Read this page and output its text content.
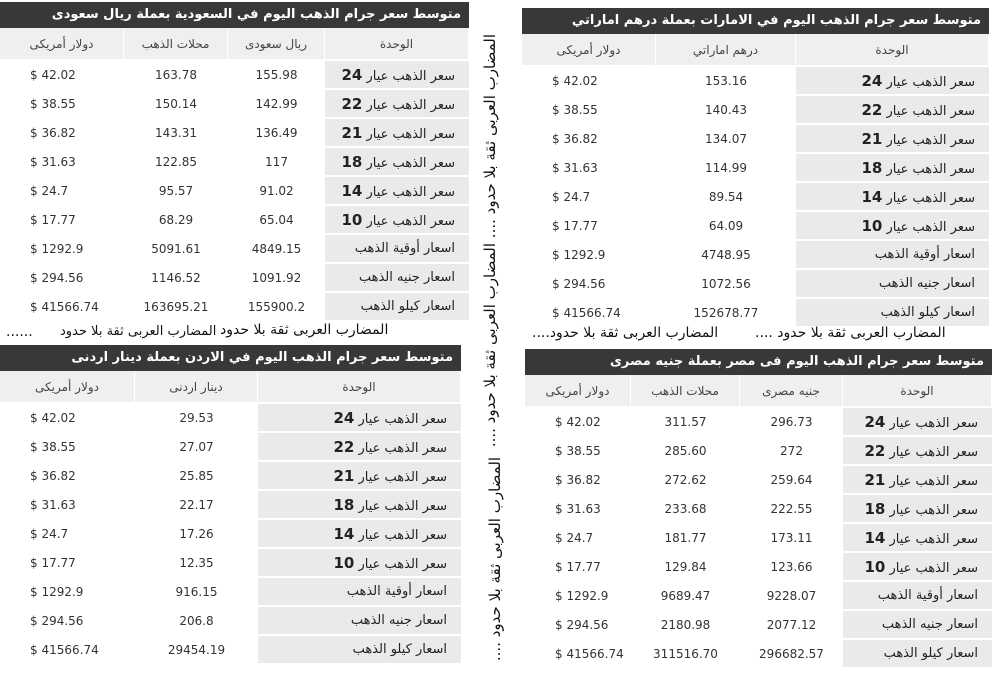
متوسط سعر جرام الذهب اليوم في السعودية بعملة ريال سعودى
دولار أمريكى	محلات الذهب	ريال سعودى	الوحدة
$ 42.02	163.78	155.98	سعر الذهب عيار 24
$ 38.55	150.14	142.99	سعر الذهب عيار 22
$ 36.82	143.31	136.49	سعر الذهب عيار 21
$ 31.63	122.85	117	سعر الذهب عيار 18
$ 24.7	95.57	91.02	سعر الذهب عيار 14
$ 17.77	68.29	65.04	سعر الذهب عيار 10
$ 1292.9	5091.61	4849.15	اسعار أوقية الذهب
$ 294.56	1146.52	1091.92	اسعار جنيه الذهب
$ 41566.74	163695.21	155900.2	اسعار كيلو الذهب
متوسط سعر جرام الذهب اليوم في الامارات بعملة درهم اماراتي
دولار أمريكى	درهم اماراتي	الوحدة
$ 42.02	153.16	سعر الذهب عيار 24
$ 38.55	140.43	سعر الذهب عيار 22
$ 36.82	134.07	سعر الذهب عيار 21
$ 31.63	114.99	سعر الذهب عيار 18
$ 24.7	89.54	سعر الذهب عيار 14
$ 17.77	64.09	سعر الذهب عيار 10
$ 1292.9	4748.95	اسعار أوقية الذهب
$ 294.56	1072.56	اسعار جنيه الذهب
$ 41566.74	152678.77	اسعار كيلو الذهب
متوسط سعر جرام الذهب اليوم في الاردن بعملة دينار اردنى
دولار أمريكى	دينار اردنى	الوحدة
$ 42.02	29.53	سعر الذهب عيار 24
$ 38.55	27.07	سعر الذهب عيار 22
$ 36.82	25.85	سعر الذهب عيار 21
$ 31.63	22.17	سعر الذهب عيار 18
$ 24.7	17.26	سعر الذهب عيار 14
$ 17.77	12.35	سعر الذهب عيار 10
$ 1292.9	916.15	اسعار أوقية الذهب
$ 294.56	206.8	اسعار جنيه الذهب
$ 41566.74	29454.19	اسعار كيلو الذهب
متوسط سعر جرام الذهب اليوم فى مصر بعملة جنيه مصرى
دولار أمريكى	محلات الذهب	جنيه مصرى	الوحدة
$ 42.02	311.57	296.73	سعر الذهب عيار 24
$ 38.55	285.60	272	سعر الذهب عيار 22
$ 36.82	272.62	259.64	سعر الذهب عيار 21
$ 31.63	233.68	222.55	سعر الذهب عيار 18
$ 24.7	181.77	173.11	سعر الذهب عيار 14
$ 17.77	129.84	123.66	سعر الذهب عيار 10
$ 1292.9	9689.47	9228.07	اسعار أوقية الذهب
$ 294.56	2180.98	2077.12	اسعار جنيه الذهب
$ 41566.74	311516.70	296682.57	اسعار كيلو الذهب
المضارب العربى ثقة بلا حدود
المضارب العربى ثقة بلا حدود
......	المضارب العربى ثقة بلا حدود ....
المضارب العربى ثقة بلا حدود....
المضارب العربى ثقة بلا حدود .... المضارب العربى ثقة بلا حدود ....
المضارب العربى ثقة بلا حدود ....
